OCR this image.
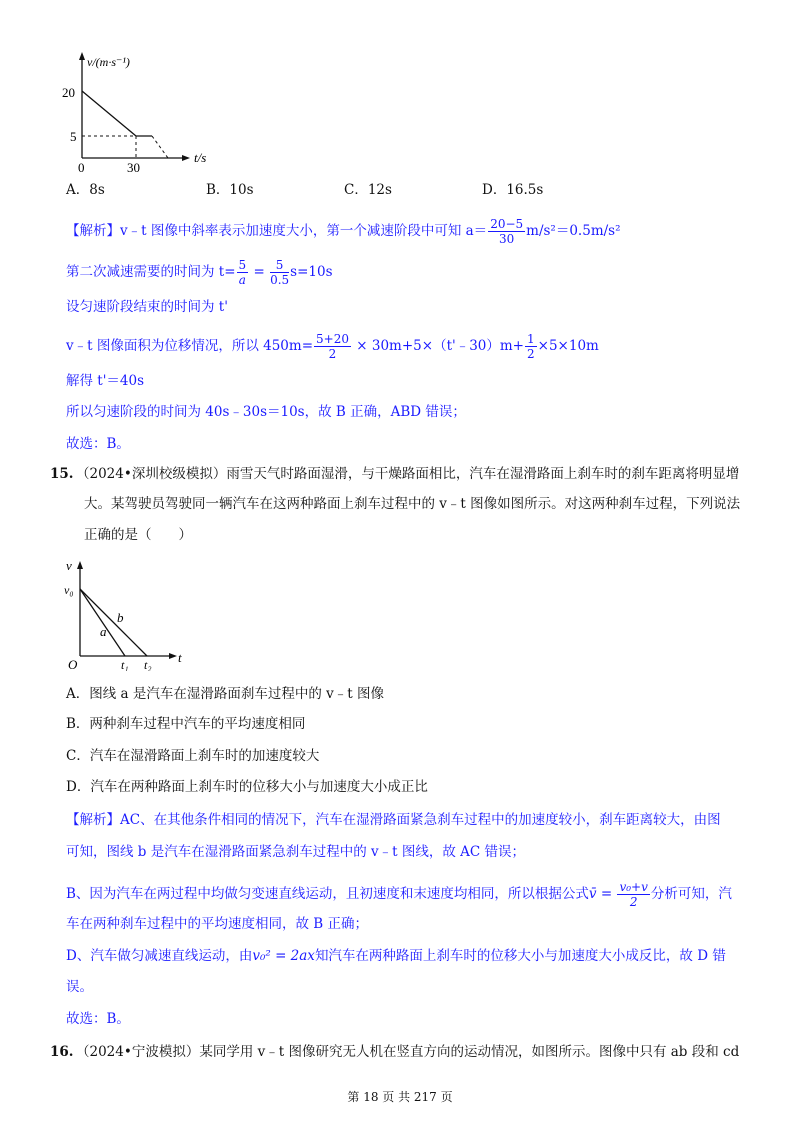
v/(m·s⁻¹)
20
5
0	30
t/s
A．8s	B．10s	C．12s	D．16.5s
【解析】v﹣t 图像中斜率表示加速度大小，第一个减速阶段中可知 $a= \frac{20-5}{30} m/s^2=0.5m/s^2$
第二次减速需要的时间为 $t= \frac{5}{a} = \frac{5}{0.5} s=10s$
设匀速阶段结束的时间为 t'
v﹣t 图像面积为位移情况，所以 $450m= \frac{5+20}{2}$ × 30m+5×（t'﹣30）m+ $\frac{1}{2} \times 5\times 10m$
解得 t'＝40s
所以匀速阶段的时间为 40s﹣30s＝10s，故 B 正确，ABD 错误；
故选：B。
15. （2024•深圳校级模拟）雨雪天气时路面湿滑，与干燥路面相比，汽车在湿滑路面上刹车时的刹车距离将明显增
大。某驾驶员驾驶同一辆汽车在这两种路面上刹车过程中的 v﹣t 图像如图所示。对这两种刹车过程，下列说法
正确的是（　　）
v
v₀
a
b
O	t₁ t₂ t
A．图线 a 是汽车在湿滑路面刹车过程中的 v﹣t 图像
B．两种刹车过程中汽车的平均速度相同
C．汽车在湿滑路面上刹车时的加速度较大
D．汽车在两种路面上刹车时的位移大小与加速度大小成正比
【解析】AC、在其他条件相同的情况下，汽车在湿滑路面紧急刹车过程中的加速度较小，刹车距离较大，由图
可知，图线 b 是汽车在湿滑路面紧急刹车过程中的 v﹣t 图线，故 AC 错误；
B、因为汽车在两过程中均做匀变速直线运动，且初速度和末速度均相同，所以根据公式v̄ = $\frac{\text{v₀+v}}{2}$ 分析可知，汽
车在两种刹车过程中的平均速度相同，故 B 正确；
D、汽车做匀减速直线运动，由v₀² = 2ax知汽车在两种路面上刹车时的位移大小与加速度大小成反比，故 D 错
误。
故选：B。
16. （2024•宁波模拟）某同学用 v﹣t 图像研究无人机在竖直方向的运动情况，如图所示。图像中只有 ab 段和 cd
第 18 页 共 217 页
